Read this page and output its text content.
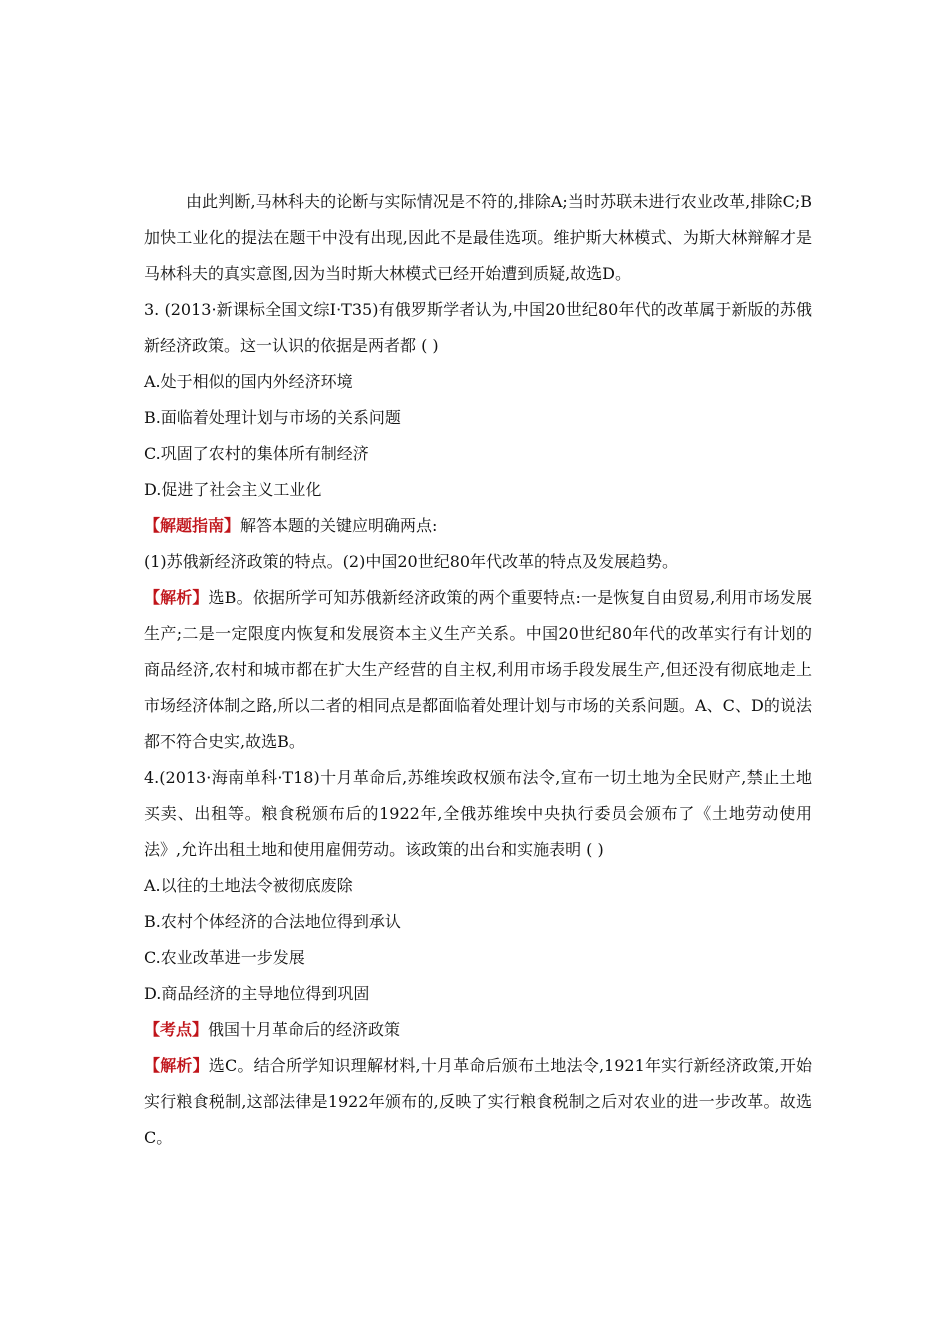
由此判断,马林科夫的论断与实际情况是不符的,排除A;当时苏联未进行农业改革,排除C;B加快工业化的提法在题干中没有出现,因此不是最佳选项。维护斯大林模式、为斯大林辩解才是马林科夫的真实意图,因为当时斯大林模式已经开始遭到质疑,故选D。

3. (2013·新课标全国文综Ⅰ·T35)有俄罗斯学者认为,中国20世纪80年代的改革属于新版的苏俄新经济政策。这一认识的依据是两者都 ( )

A.处于相似的国内外经济环境

B.面临着处理计划与市场的关系问题

C.巩固了农村的集体所有制经济

D.促进了社会主义工业化

【解题指南】解答本题的关键应明确两点:

(1)苏俄新经济政策的特点。(2)中国20世纪80年代改革的特点及发展趋势。

【解析】选B。依据所学可知苏俄新经济政策的两个重要特点:一是恢复自由贸易,利用市场发展生产;二是一定限度内恢复和发展资本主义生产关系。中国20世纪80年代的改革实行有计划的商品经济,农村和城市都在扩大生产经营的自主权,利用市场手段发展生产,但还没有彻底地走上市场经济体制之路,所以二者的相同点是都面临着处理计划与市场的关系问题。A、C、D的说法都不符合史实,故选B。

4.(2013·海南单科·T18)十月革命后,苏维埃政权颁布法令,宣布一切土地为全民财产,禁止土地买卖、出租等。粮食税颁布后的1922年,全俄苏维埃中央执行委员会颁布了《土地劳动使用法》,允许出租土地和使用雇佣劳动。该政策的出台和实施表明 ( )

A.以往的土地法令被彻底废除

B.农村个体经济的合法地位得到承认

C.农业改革进一步发展

D.商品经济的主导地位得到巩固

【考点】俄国十月革命后的经济政策

【解析】选C。结合所学知识理解材料,十月革命后颁布土地法令,1921年实行新经济政策,开始实行粮食税制,这部法律是1922年颁布的,反映了实行粮食税制之后对农业的进一步改革。故选C。
